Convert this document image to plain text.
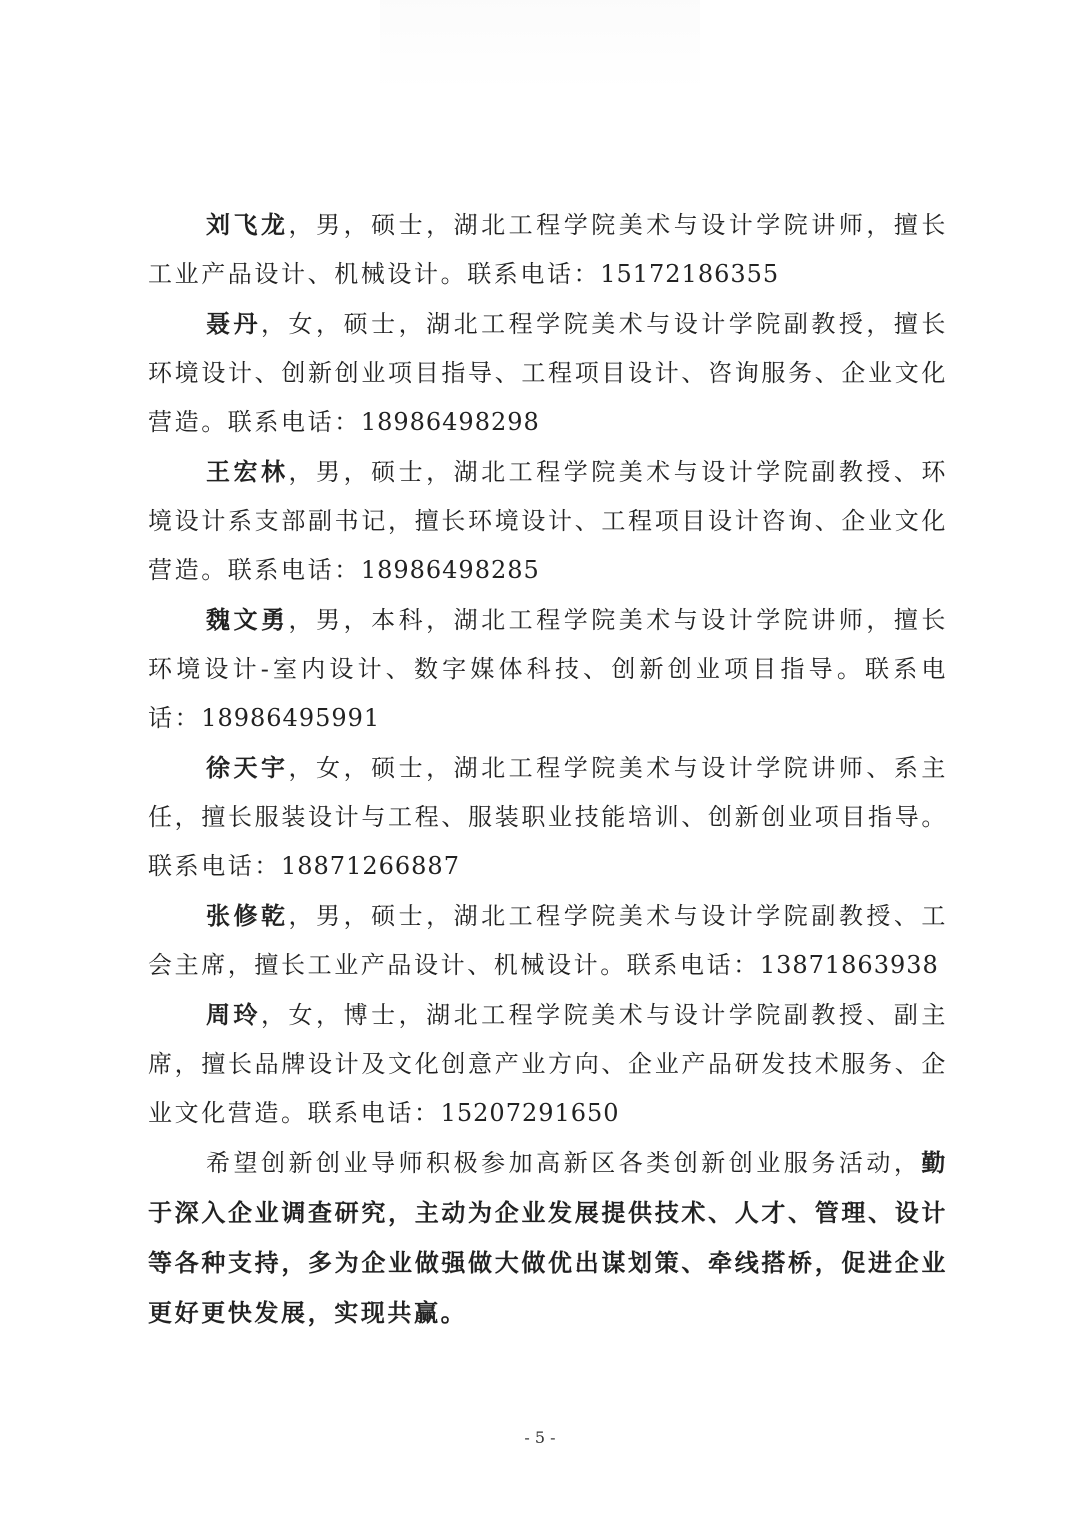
刘飞龙，男，硕士，湖北工程学院美术与设计学院讲师，擅长工业产品设计、机械设计。联系电话：15172186355

聂丹，女，硕士，湖北工程学院美术与设计学院副教授，擅长环境设计、创新创业项目指导、工程项目设计、咨询服务、企业文化营造。联系电话：18986498298

王宏林，男，硕士，湖北工程学院美术与设计学院副教授、环境设计系支部副书记，擅长环境设计、工程项目设计咨询、企业文化营造。联系电话：18986498285

魏文勇，男，本科，湖北工程学院美术与设计学院讲师，擅长环境设计-室内设计、数字媒体科技、创新创业项目指导。联系电话：18986495991

徐天宇，女，硕士，湖北工程学院美术与设计学院讲师、系主任，擅长服装设计与工程、服装职业技能培训、创新创业项目指导。联系电话：18871266887

张修乾，男，硕士，湖北工程学院美术与设计学院副教授、工会主席，擅长工业产品设计、机械设计。联系电话：13871863938

周玲，女，博士，湖北工程学院美术与设计学院副教授、副主席，擅长品牌设计及文化创意产业方向、企业产品研发技术服务、企业文化营造。联系电话：15207291650

希望创新创业导师积极参加高新区各类创新创业服务活动，勤于深入企业调查研究，主动为企业发展提供技术、人才、管理、设计等各种支持，多为企业做强做大做优出谋划策、牵线搭桥，促进企业更好更快发展，实现共赢。

- 5 -
